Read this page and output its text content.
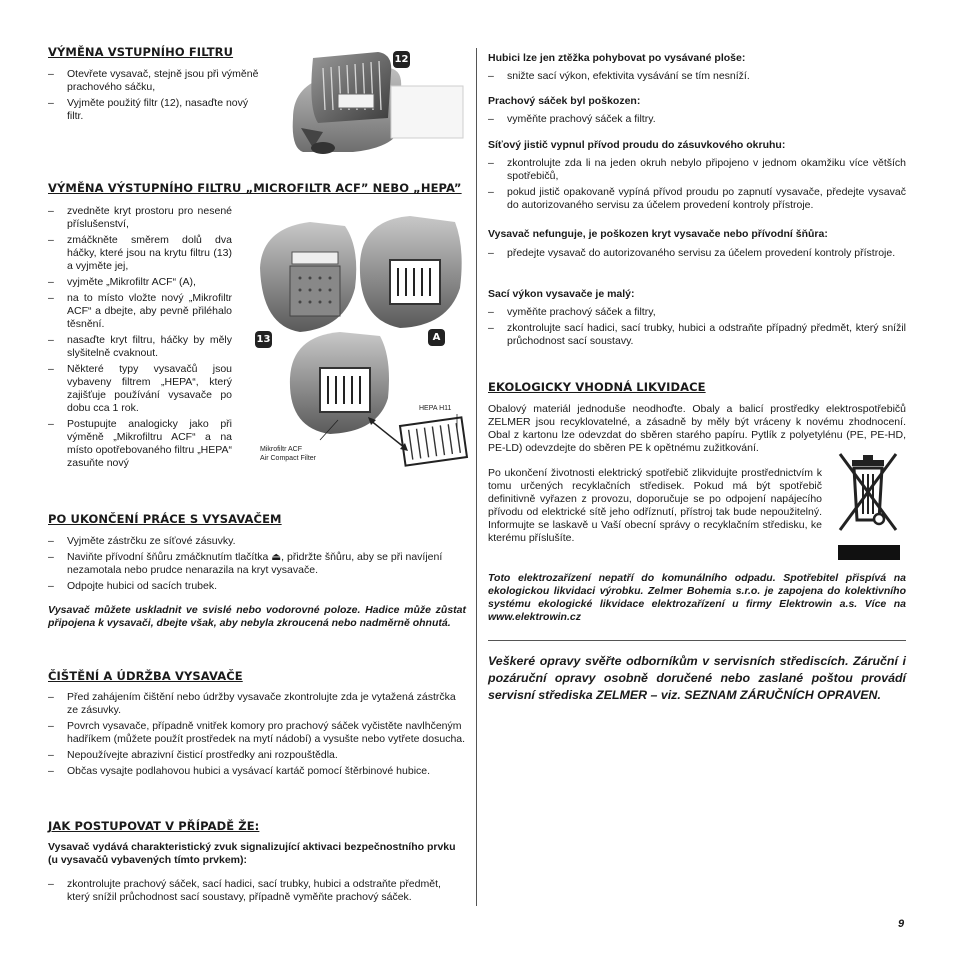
VÝMĚNA VSTUPNÍHO FILTRU
– Otevřete vysavač, stejně jsou při výměně prachového sáčku,
– Vyjměte použitý filtr (12), nasaďte nový filtr.
12
VÝMĚNA VÝSTUPNÍHO FILTRU „MICROFILTR ACF” NEBO „HEPA”
– zvedněte kryt prostoru pro nesené příslušenství,
– zmáčkněte směrem dolů dva háčky, které jsou na krytu filtru (13) a vyjměte jej,
– vyjměte „Mikrofiltr ACF“ (A),
– na to místo vložte nový „Mikrofiltr ACF“ a dbejte, aby pevně přiléhalo těsnění.
– nasaďte kryt filtru, háčky by měly slyšitelně cvaknout.
– Některé typy vysavačů jsou vybaveny filtrem „HEPA“, který zajišťuje používání vysavače po dobu cca 1 rok.
– Postupujte analogicky jako při výměně „Mikrofiltru ACF“ a na místo opotřebovaného filtru „HEPA“ zasuňte nový
13	A
HEPA H11
Mikrofiltr ACF
Air Compact Filter
PO UKONČENÍ PRÁCE S VYSAVAČEM
– Vyjměte zástrčku ze síťové zásuvky.
– Naviňte přívodní šňůru zmáčknutím tlačítka ⏏, přidržte šňůru, aby se při navíjení nezamotala nebo prudce nenarazila na kryt vysavače.
– Odpojte hubici od sacích trubek.
Vysavač můžete uskladnit ve svislé nebo vodorovné poloze. Hadice může zůstat připojena k vysavači, dbejte však, aby nebyla zkroucená nebo nadměrně ohnutá.
ČIŠTĚNÍ A ÚDRŽBA VYSAVAČE
– Před zahájením čištění nebo údržby vysavače zkontrolujte zda je vytažená zástrčka ze zásuvky.
– Povrch vysavače, případně vnitřek komory pro prachový sáček vyčistěte navlhčeným hadříkem (můžete použít prostředek na mytí nádobí) a vysušte nebo vytřete dosucha.
– Nepoužívejte abrazivní čisticí prostředky ani rozpouštědla.
– Občas vysajte podlahovou hubici a vysávací kartáč pomocí štěrbinové hubice.
JAK POSTUPOVAT V PŘÍPADĚ ŽE:
Vysavač vydává charakteristický zvuk signalizující aktivaci bezpečnostního prvku (u vysavačů vybavených tímto prvkem):
– zkontrolujte prachový sáček, sací hadici, sací trubky, hubici a odstraňte předmět, který snížil průchodnost sací soustavy, případně vyměňte prachový sáček.
Hubici lze jen ztěžka pohybovat po vysávané ploše:
– snižte sací výkon, efektivita vysávání se tím nesníží.
Prachový sáček byl poškozen:
– vyměňte prachový sáček a filtry.
Síťový jistič vypnul přívod proudu do zásuvkového okruhu:
– zkontrolujte zda li na jeden okruh nebylo připojeno v jednom okamžiku více větších spotřebičů,
– pokud jistič opakovaně vypíná přívod proudu po zapnutí vysavače, předejte vysavač do autorizovaného servisu za účelem provedení kontroly přístroje.
Vysavač nefunguje, je poškozen kryt vysavače nebo přívodní šňůra:
– předejte vysavač do autorizovaného servisu za účelem provedení kontroly přístroje.
Sací výkon vysavače je malý:
– vyměňte prachový sáček a filtry,
– zkontrolujte sací hadici, sací trubky, hubici a odstraňte případný předmět, který snížil průchodnost sací soustavy.
EKOLOGICKY VHODNÁ LIKVIDACE
Obalový materiál jednoduše neodhoďte. Obaly a balicí prostředky elektrospotřebičů ZELMER jsou recyklovatelné, a zásadně by měly být vráceny k novému zhodnocení. Obal z kartonu lze odevzdat do sběren starého papíru. Pytlík z polyetylénu (PE, PE-HD, PE-LD) odevzdejte do sběren PE k opětnému zužitkování.
Po ukončení životnosti elektrický spotřebič zlikvidujte prostřednictvím k tomu určených recyklačních středisek. Pokud má být spotřebič definitivně vyřazen z provozu, doporučuje se po odpojení napájecího přívodu od elektrické sítě jeho odříznutí, přístroj tak bude nepoužitelný. Informujte se laskavě u Vaší obecní správy o recyklačním středisku, ke kterému příslušíte.
Toto elektrozařízení nepatří do komunálního odpadu. Spotřebitel přispívá na ekologickou likvidaci výrobku. Zelmer Bohemia s.r.o. je zapojena do kolektivního systému ekologické likvidace elektrozařízení u firmy Elektrowin a.s. Více na www.elektrowin.cz
Veškeré opravy svěřte odborníkům v servisních střediscích. Záruční i pozáruční opravy osobně doručené nebo zaslané poštou provádí servisní střediska ZELMER – viz. SEZNAM ZÁRUČNÍCH OPRAVEN.
9
